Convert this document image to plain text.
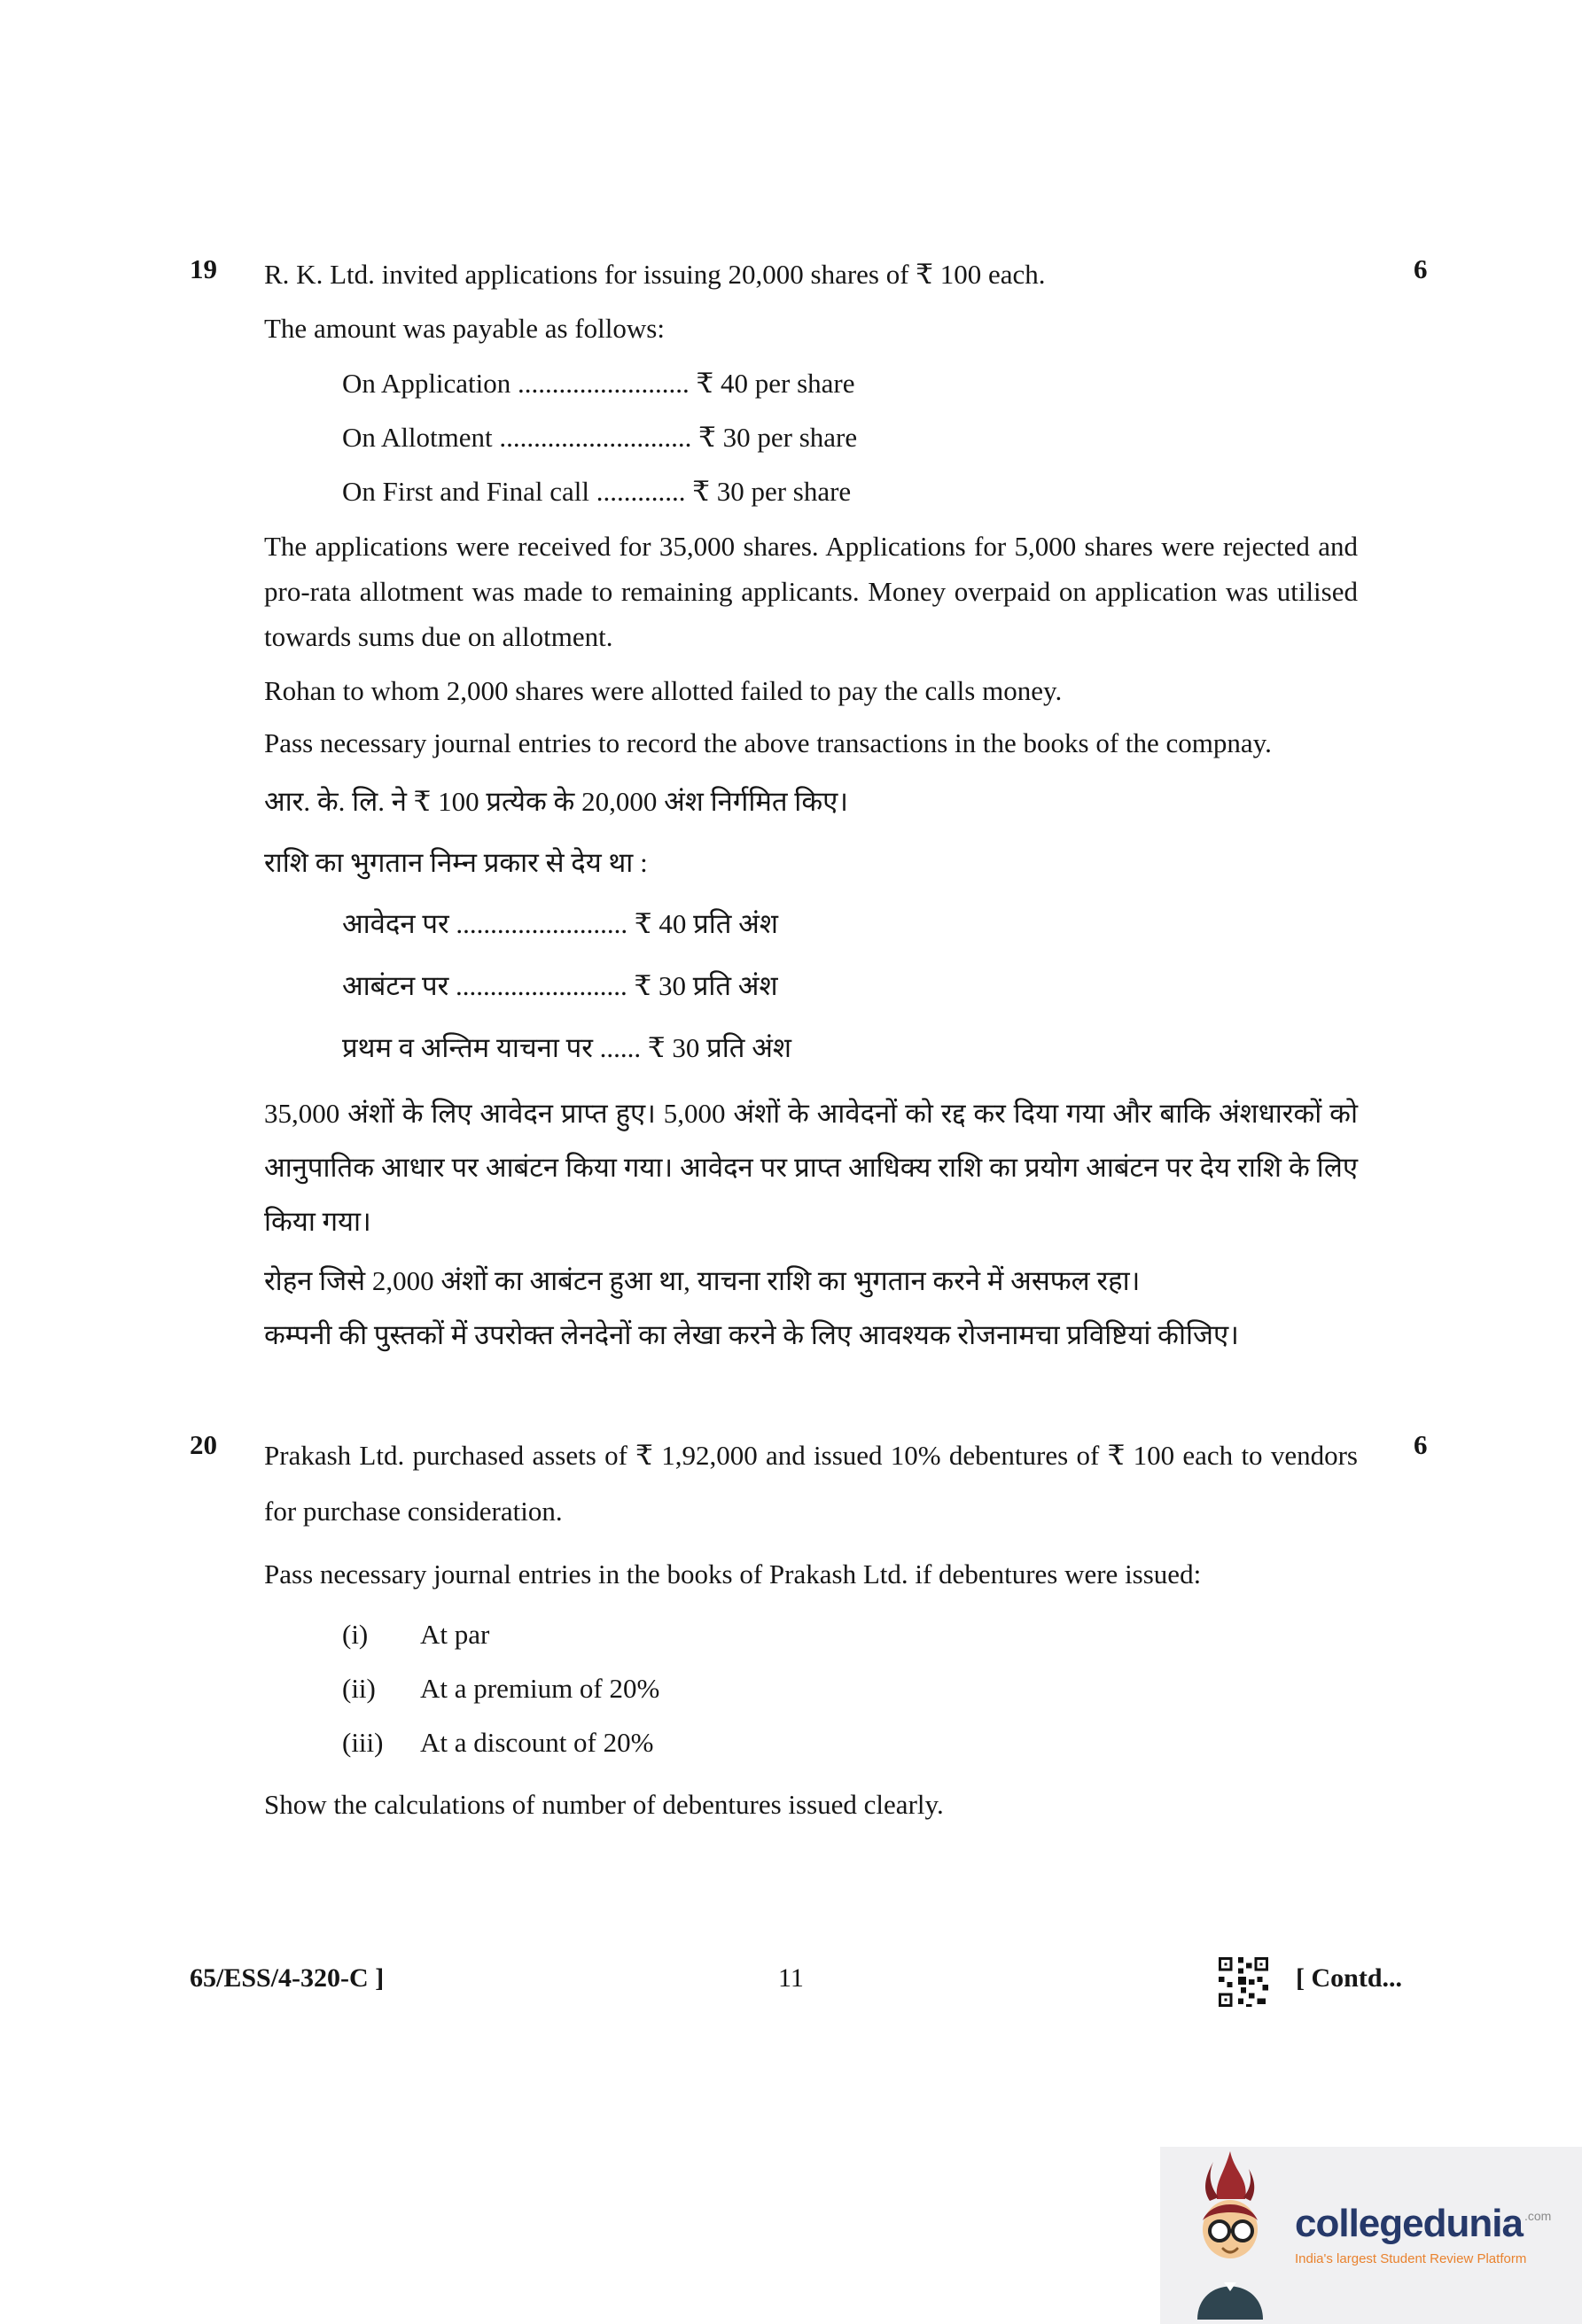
19	6
R. K. Ltd. invited applications for issuing 20,000 shares of ₹ 100 each.
The amount was payable as follows:
On Application ......................... ₹ 40 per share
On Allotment ............................ ₹ 30 per share
On First and Final call ............. ₹ 30 per share
The applications were received for 35,000 shares. Applications for 5,000 shares were rejected and pro-rata allotment was made to remaining applicants. Money overpaid on application was utilised towards sums due on allotment.
Rohan to whom 2,000 shares were allotted failed to pay the calls money.
Pass necessary journal entries to record the above transactions in the books of the compnay.
आर. के. लि. ने ₹ 100 प्रत्येक के 20,000 अंश निर्गमित किए।
राशि का भुगतान निम्न प्रकार से देय था :
आवेदन पर ......................... ₹ 40 प्रति अंश
आबंटन पर ......................... ₹ 30 प्रति अंश
प्रथम व अन्तिम याचना पर ...... ₹ 30 प्रति अंश
35,000 अंशों के लिए आवेदन प्राप्त हुए। 5,000 अंशों के आवेदनों को रद्द कर दिया गया और बाकि अंशधारकों को आनुपातिक आधार पर आबंटन किया गया। आवेदन पर प्राप्त आधिक्य राशि का प्रयोग आबंटन पर देय राशि के लिए किया गया।
रोहन जिसे 2,000 अंशों का आबंटन हुआ था, याचना राशि का भुगतान करने में असफल रहा।
कम्पनी की पुस्तकों में उपरोक्त लेनदेनों का लेखा करने के लिए आवश्यक रोजनामचा प्रविष्टियां कीजिए।
20	6
Prakash Ltd. purchased assets of ₹ 1,92,000 and issued 10% debentures of ₹ 100 each to vendors for purchase consideration.
Pass necessary journal entries in the books of Prakash Ltd. if debentures were issued:
(i) At par
(ii) At a premium of 20%
(iii) At a discount of 20%
Show the calculations of number of debentures issued clearly.
65/ESS/4-320-C ]	11	[ Contd...
collegedunia .com
India's largest Student Review Platform
